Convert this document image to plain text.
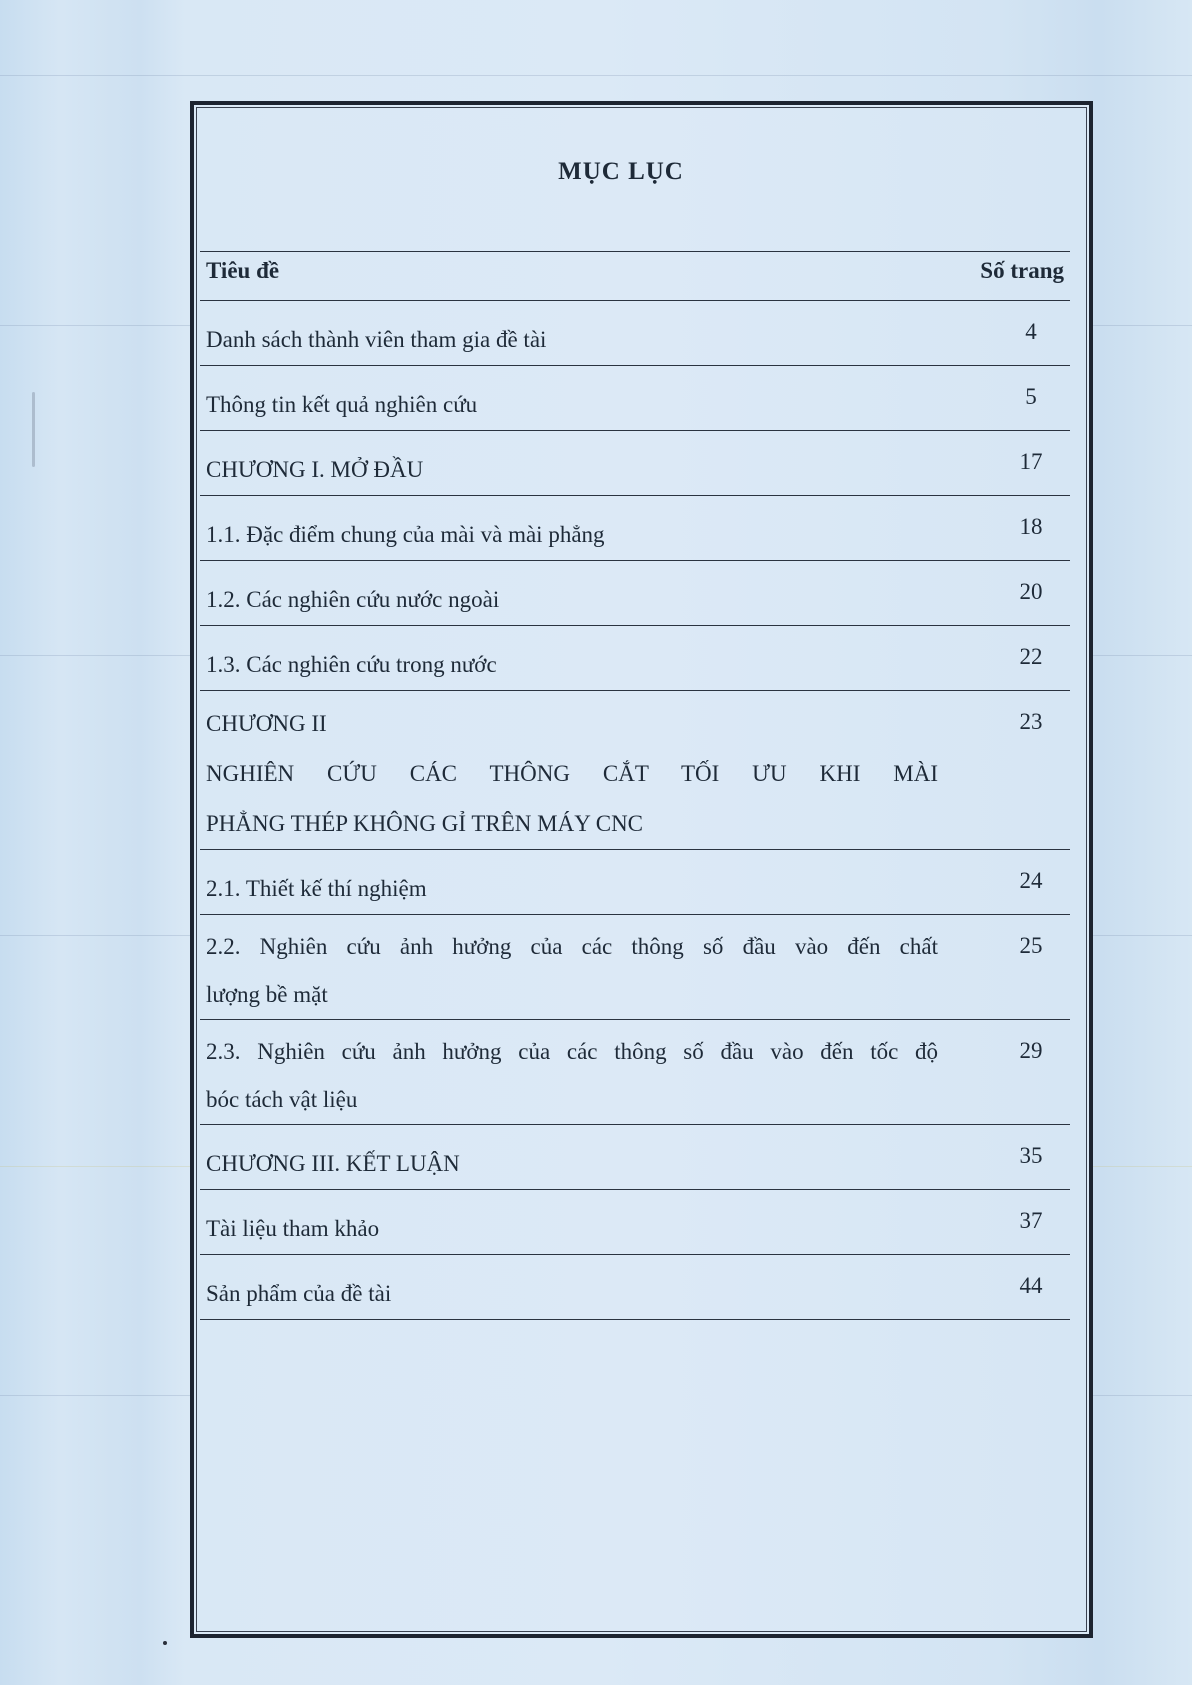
MỤC LỤC
Tiêu đề	Số trang

Danh sách thành viên tham gia đề tài	4

Thông tin kết quả nghiên cứu	5

CHƯƠNG I. MỞ ĐẦU	17

1.1. Đặc điểm chung của mài và mài phẳng	18

1.2. Các nghiên cứu nước ngoài	20

1.3. Các nghiên cứu trong nước	22

CHƯƠNG II
NGHIÊN CỨU CÁC THÔNG CẮT TỐI ƯU KHI MÀI
PHẲNG THÉP KHÔNG GỈ TRÊN MÁY CNC	23

2.1. Thiết kế thí nghiệm	24

2.2. Nghiên cứu ảnh hưởng của các thông số đầu vào đến chất
lượng bề mặt	25

2.3. Nghiên cứu ảnh hưởng của các thông số đầu vào đến tốc độ
bóc tách vật liệu	29

CHƯƠNG III. KẾT LUẬN	35

Tài liệu tham khảo	37

Sản phẩm của đề tài	44
